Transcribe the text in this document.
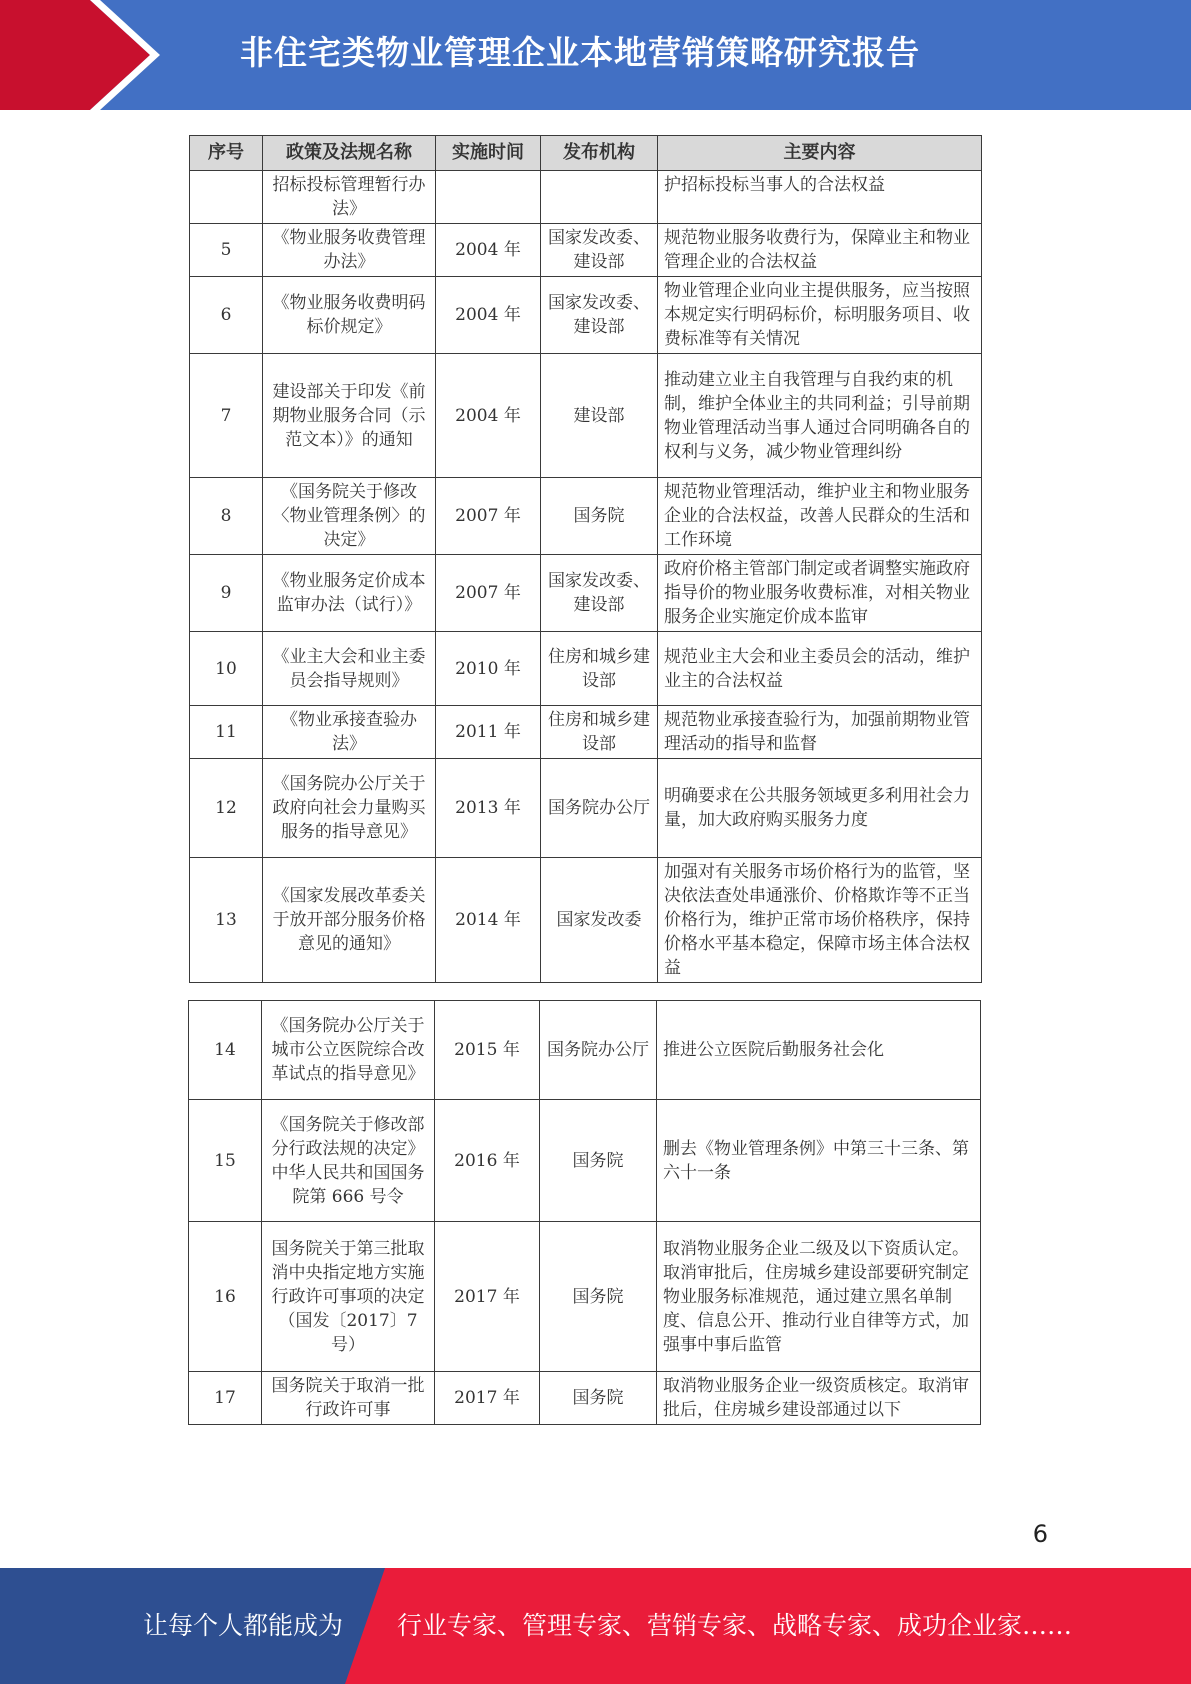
非住宅类物业管理企业本地营销策略研究报告
序号	政策及法规名称	实施时间	发布机构	主要内容
	招标投标管理暂行办法》			护招标投标当事人的合法权益
5	《物业服务收费管理办法》	2004 年	国家发改委、建设部	规范物业服务收费行为，保障业主和物业管理企业的合法权益
6	《物业服务收费明码标价规定》	2004 年	国家发改委、建设部	物业管理企业向业主提供服务，应当按照本规定实行明码标价，标明服务项目、收费标准等有关情况
7	建设部关于印发《前期物业服务合同（示范文本）》的通知	2004 年	建设部	推动建立业主自我管理与自我约束的机制，维护全体业主的共同利益；引导前期物业管理活动当事人通过合同明确各自的权利与义务，减少物业管理纠纷
8	《国务院关于修改〈物业管理条例〉的决定》	2007 年	国务院	规范物业管理活动，维护业主和物业服务企业的合法权益，改善人民群众的生活和工作环境
9	《物业服务定价成本监审办法（试行）》	2007 年	国家发改委、建设部	政府价格主管部门制定或者调整实施政府指导价的物业服务收费标准，对相关物业服务企业实施定价成本监审
10	《业主大会和业主委员会指导规则》	2010 年	住房和城乡建设部	规范业主大会和业主委员会的活动，维护业主的合法权益
11	《物业承接查验办法》	2011 年	住房和城乡建设部	规范物业承接查验行为，加强前期物业管理活动的指导和监督
12	《国务院办公厅关于政府向社会力量购买服务的指导意见》	2013 年	国务院办公厅	明确要求在公共服务领域更多利用社会力量，加大政府购买服务力度
13	《国家发展改革委关于放开部分服务价格意见的通知》	2014 年	国家发改委	加强对有关服务市场价格行为的监管，坚决依法查处串通涨价、价格欺诈等不正当价格行为，维护正常市场价格秩序，保持价格水平基本稳定，保障市场主体合法权益
14	《国务院办公厅关于城市公立医院综合改革试点的指导意见》	2015 年	国务院办公厅	推进公立医院后勤服务社会化
15	《国务院关于修改部分行政法规的决定》中华人民共和国国务院第 666 号令	2016 年	国务院	删去《物业管理条例》中第三十三条、第六十一条
16	国务院关于第三批取消中央指定地方实施行政许可事项的决定（国发〔2017〕7号）	2017 年	国务院	取消物业服务企业二级及以下资质认定。取消审批后，住房城乡建设部要研究制定物业服务标准规范，通过建立黑名单制度、信息公开、推动行业自律等方式，加强事中事后监管
17	国务院关于取消一批行政许可事	2017 年	国务院	取消物业服务企业一级资质核定。取消审批后，住房城乡建设部通过以下
6
让每个人都能成为 行业专家、管理专家、营销专家、战略专家、成功企业家……
